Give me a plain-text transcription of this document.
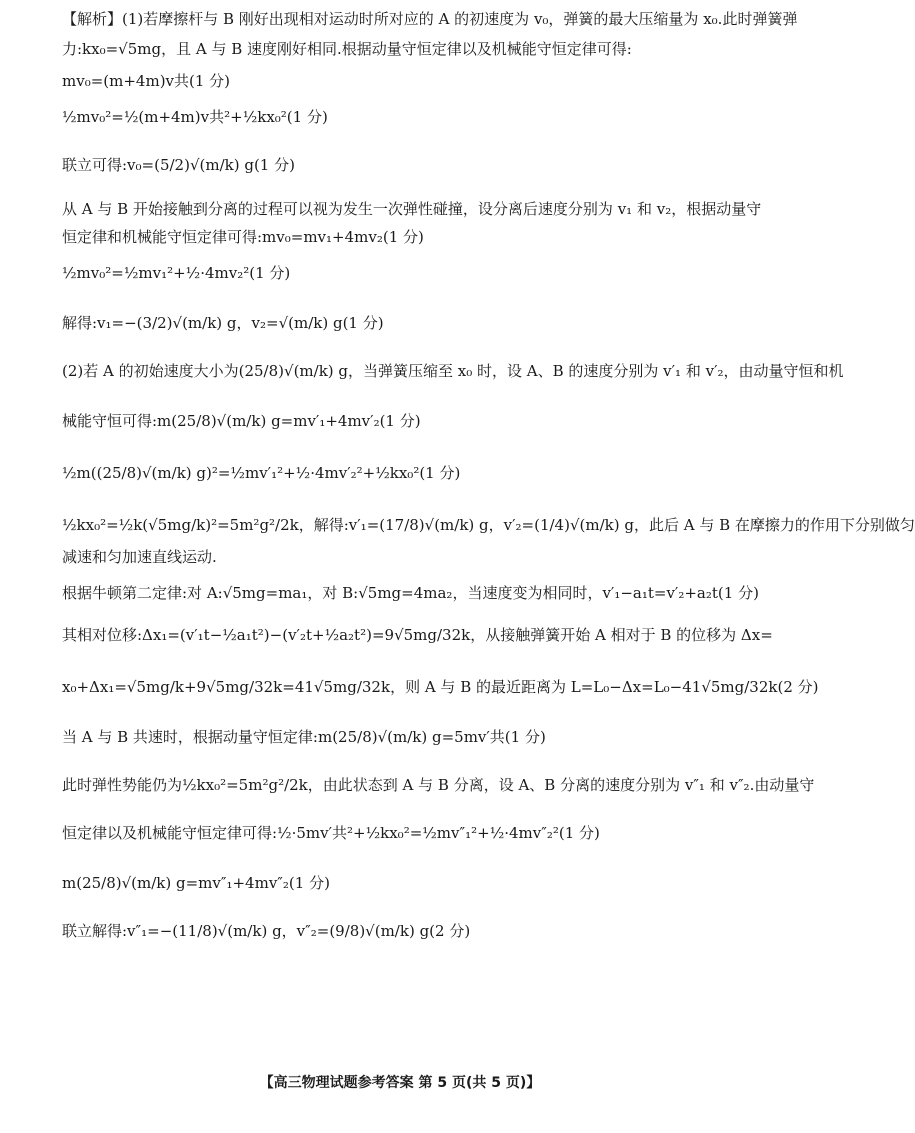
【解析】(1)若摩擦杆与 B 刚好出现相对运动时所对应的 A 的初速度为 v₀，弹簧的最大压缩量为 x₀.此时弹簧弹
力:kx₀=√5mg，且 A 与 B 速度刚好相同.根据动量守恒定律以及机械能守恒定律可得:
mv₀=(m+4m)v共(1 分)
½mv₀²=½(m+4m)v共²+½kx₀²(1 分)
联立可得:v₀=(5/2)√(m/k) g(1 分)
从 A 与 B 开始接触到分离的过程可以视为发生一次弹性碰撞，设分离后速度分别为 v₁ 和 v₂，根据动量守
恒定律和机械能守恒定律可得:mv₀=mv₁+4mv₂(1 分)
½mv₀²=½mv₁²+½·4mv₂²(1 分)
解得:v₁=−(3/2)√(m/k) g，v₂=√(m/k) g(1 分)
(2)若 A 的初始速度大小为(25/8)√(m/k) g，当弹簧压缩至 x₀ 时，设 A、B 的速度分别为 v′₁ 和 v′₂，由动量守恒和机
械能守恒可得:m(25/8)√(m/k) g=mv′₁+4mv′₂(1 分)
½m((25/8)√(m/k) g)²=½mv′₁²+½·4mv′₂²+½kx₀²(1 分)
½kx₀²=½k(√5mg/k)²=5m²g²/2k，解得:v′₁=(17/8)√(m/k) g，v′₂=(1/4)√(m/k) g，此后 A 与 B 在摩擦力的作用下分别做匀
减速和匀加速直线运动.
根据牛顿第二定律:对 A:√5mg=ma₁，对 B:√5mg=4ma₂，当速度变为相同时，v′₁−a₁t=v′₂+a₂t(1 分)
其相对位移:Δx₁=(v′₁t−½a₁t²)−(v′₂t+½a₂t²)=9√5mg/32k，从接触弹簧开始 A 相对于 B 的位移为 Δx=
x₀+Δx₁=√5mg/k+9√5mg/32k=41√5mg/32k，则 A 与 B 的最近距离为 L=L₀−Δx=L₀−41√5mg/32k(2 分)
当 A 与 B 共速时，根据动量守恒定律:m(25/8)√(m/k) g=5mv′共(1 分)
此时弹性势能仍为½kx₀²=5m²g²/2k，由此状态到 A 与 B 分离，设 A、B 分离的速度分别为 v″₁ 和 v″₂.由动量守
恒定律以及机械能守恒定律可得:½·5mv′共²+½kx₀²=½mv″₁²+½·4mv″₂²(1 分)
m(25/8)√(m/k) g=mv″₁+4mv″₂(1 分)
联立解得:v″₁=−(11/8)√(m/k) g，v″₂=(9/8)√(m/k) g(2 分)
【高三物理试题参考答案 第 5 页(共 5 页)】
